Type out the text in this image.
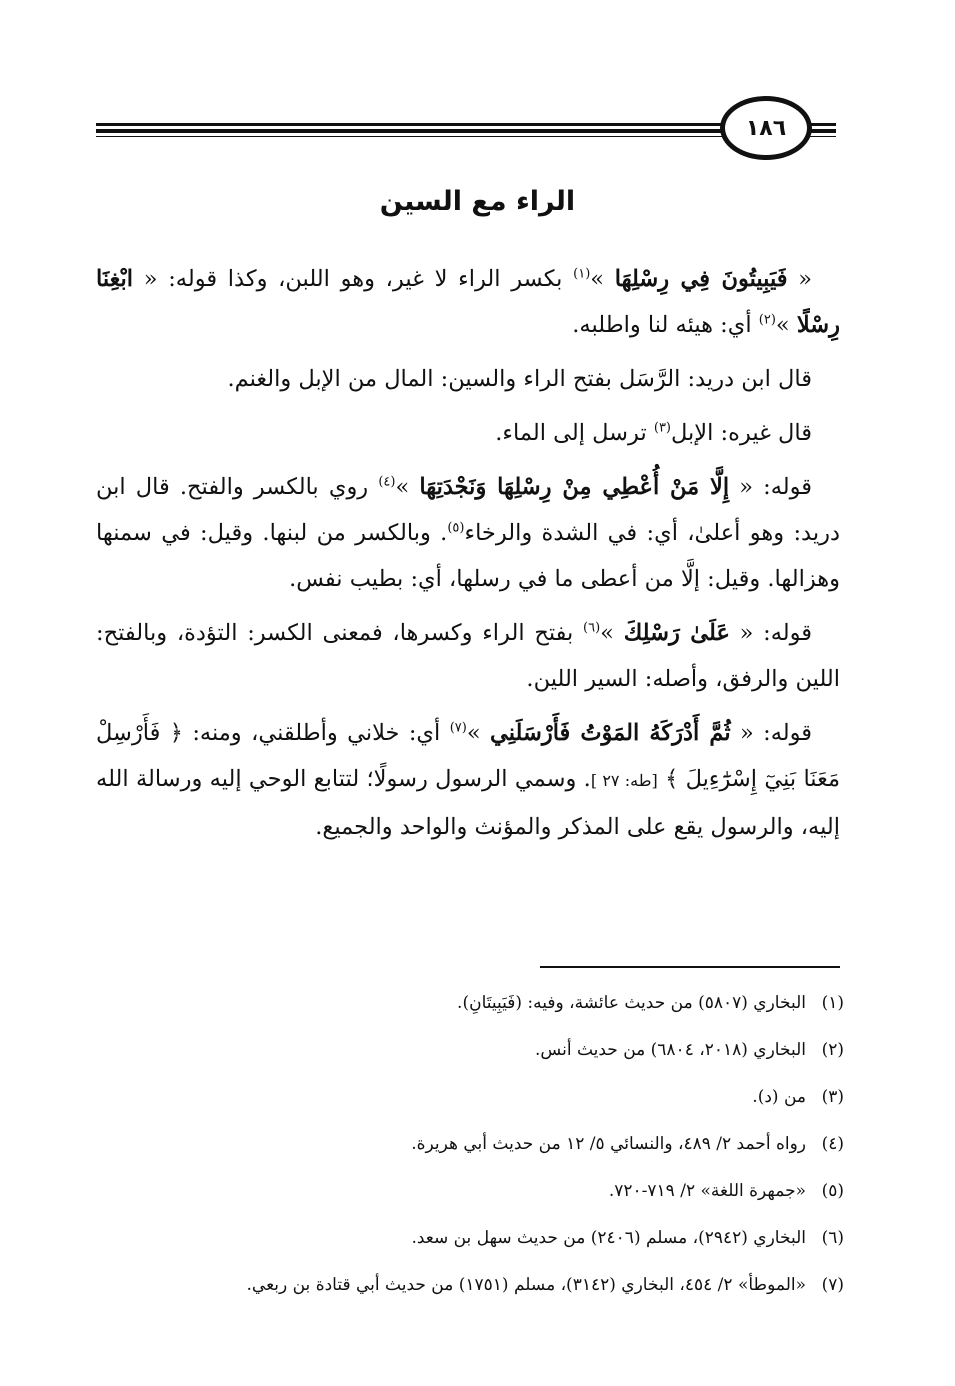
١٨٦
الراء مع السين

« فَيَبِيتُونَ فِي رِسْلِهَا »$^{(١)}$ بكسر الراء لا غير، وهو اللبن، وكذا قوله: « ابْغِنَا رِسْلًا »$^{(٢)}$ أي: هيئه لنا واطلبه.

قال ابن دريد: الرَّسَل بفتح الراء والسين: المال من الإبل والغنم.

قال غيره: الإبل$^{(٣)}$ ترسل إلى الماء.

قوله: « إِلَّا مَنْ أُعْطِي مِنْ رِسْلِهَا وَنَجْدَتِهَا »$^{(٤)}$ روي بالكسر والفتح. قال ابن دريد: وهو أعلىٰ، أي: في الشدة والرخاء$^{(٥)}$. وبالكسر من لبنها. وقيل: في سمنها وهزالها. وقيل: إلَّا من أعطى ما في رسلها، أي: بطيب نفس.

قوله: « عَلَىٰ رَسْلِكَ »$^{(٦)}$ بفتح الراء وكسرها، فمعنى الكسر: التؤدة، وبالفتح: اللين والرفق، وأصله: السير اللين.

قوله: « ثُمَّ أَدْرَكَهُ المَوْتُ فَأَرْسَلَنِي »$^{(٧)}$ أي: خلاني وأطلقني، ومنه: ﴿ فَأَرْسِلْ مَعَنَا بَنِيٓ إِسْرَٰٓءِيلَ ﴾ [طه: ٢٧ ]. وسمي الرسول رسولًا؛ لتتابع الوحي إليه ورسالة الله إليه، والرسول يقع على المذكر والمؤنث والواحد والجميع.

(١)البخاري (٥٨٠٧) من حديث عائشة، وفيه: (فَيَبِيتَانِ).
(٢)البخاري (٢٠١٨، ٦٨٠٤) من حديث أنس.
(٣)من (د).
(٤)رواه أحمد ٢/ ٤٨٩، والنسائي ٥/ ١٢ من حديث أبي هريرة.
(٥)«جمهرة اللغة» ٢/ ٧١٩-٧٢٠.
(٦)البخاري (٢٩٤٢)، مسلم (٢٤٠٦) من حديث سهل بن سعد.
(٧)«الموطأ» ٢/ ٤٥٤، البخاري (٣١٤٢)، مسلم (١٧٥١) من حديث أبي قتادة بن ربعي.
